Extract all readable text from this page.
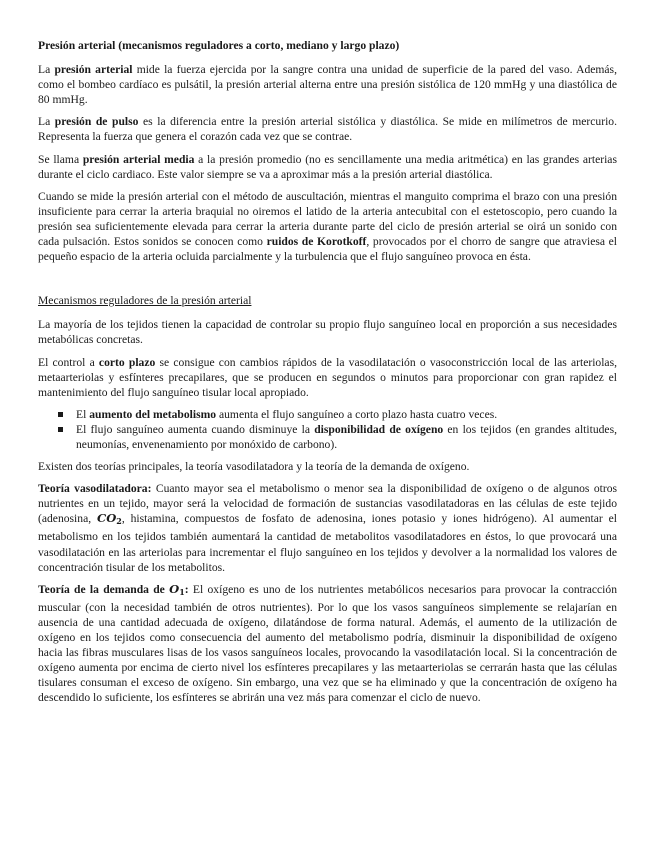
Presión arterial (mecanismos reguladores a corto, mediano y largo plazo)

La presión arterial mide la fuerza ejercida por la sangre contra una unidad de superficie de la pared del vaso. Además, como el bombeo cardíaco es pulsátil, la presión arterial alterna entre una presión sistólica de 120 mmHg y una diastólica de 80 mmHg.

La presión de pulso es la diferencia entre la presión arterial sistólica y diastólica. Se mide en milímetros de mercurio. Representa la fuerza que genera el corazón cada vez que se contrae.

Se llama presión arterial media a la presión promedio (no es sencillamente una media aritmética) en las grandes arterias durante el ciclo cardiaco. Este valor siempre se va a aproximar más a la presión arterial diastólica.

Cuando se mide la presión arterial con el método de auscultación, mientras el manguito comprima el brazo con una presión insuficiente para cerrar la arteria braquial no oiremos el latido de la arteria antecubital con el estetoscopio, pero cuando la presión sea suficientemente elevada para cerrar la arteria durante parte del ciclo de presión arterial se oirá un sonido con cada pulsación. Estos sonidos se conocen como ruidos de Korotkoff, provocados por el chorro de sangre que atraviesa el pequeño espacio de la arteria ocluida parcialmente y la turbulencia que el flujo sanguíneo provoca en ésta.

Mecanismos reguladores de la presión arterial

La mayoría de los tejidos tienen la capacidad de controlar su propio flujo sanguíneo local en proporción a sus necesidades metabólicas concretas.

El control a corto plazo se consigue con cambios rápidos de la vasodilatación o vasoconstricción local de las arteriolas, metaarteriolas y esfínteres precapilares, que se producen en segundos o minutos para proporcionar con gran rapidez el mantenimiento del flujo sanguíneo tisular local apropiado.

El aumento del metabolismo aumenta el flujo sanguíneo a corto plazo hasta cuatro veces.
El flujo sanguíneo aumenta cuando disminuye la disponibilidad de oxígeno en los tejidos (en grandes altitudes, neumonías, envenenamiento por monóxido de carbono).

Existen dos teorías principales, la teoría vasodilatadora y la teoría de la demanda de oxígeno.

Teoría vasodilatadora: Cuanto mayor sea el metabolismo o menor sea la disponibilidad de oxígeno o de algunos otros nutrientes en un tejido, mayor será la velocidad de formación de sustancias vasodilatadoras en las células de este tejido (adenosina, CO2, histamina, compuestos de fosfato de adenosina, iones potasio y iones hidrógeno). Al aumentar el metabolismo en los tejidos también aumentará la cantidad de metabolitos vasodilatadores en éstos, lo que provocará una vasodilatación en las arteriolas para incrementar el flujo sanguíneo en los tejidos y devolver a la normalidad los valores de concentración tisular de los metabolitos.

Teoría de la demanda de O1: El oxígeno es uno de los nutrientes metabólicos necesarios para provocar la contracción muscular (con la necesidad también de otros nutrientes). Por lo que los vasos sanguíneos simplemente se relajarían en ausencia de una cantidad adecuada de oxígeno, dilatándose de forma natural. Además, el aumento de la utilización de oxígeno en los tejidos como consecuencia del aumento del metabolismo podría, disminuir la disponibilidad de oxígeno hacia las fibras musculares lisas de los vasos sanguíneos locales, provocando la vasodilatación local. Si la concentración de oxígeno aumenta por encima de cierto nivel los esfínteres precapilares y las metaarteriolas se cerrarán hasta que las células tisulares consuman el exceso de oxígeno. Sin embargo, una vez que se ha eliminado y que la concentración de oxígeno ha descendido lo suficiente, los esfínteres se abrirán una vez más para comenzar el ciclo de nuevo.
